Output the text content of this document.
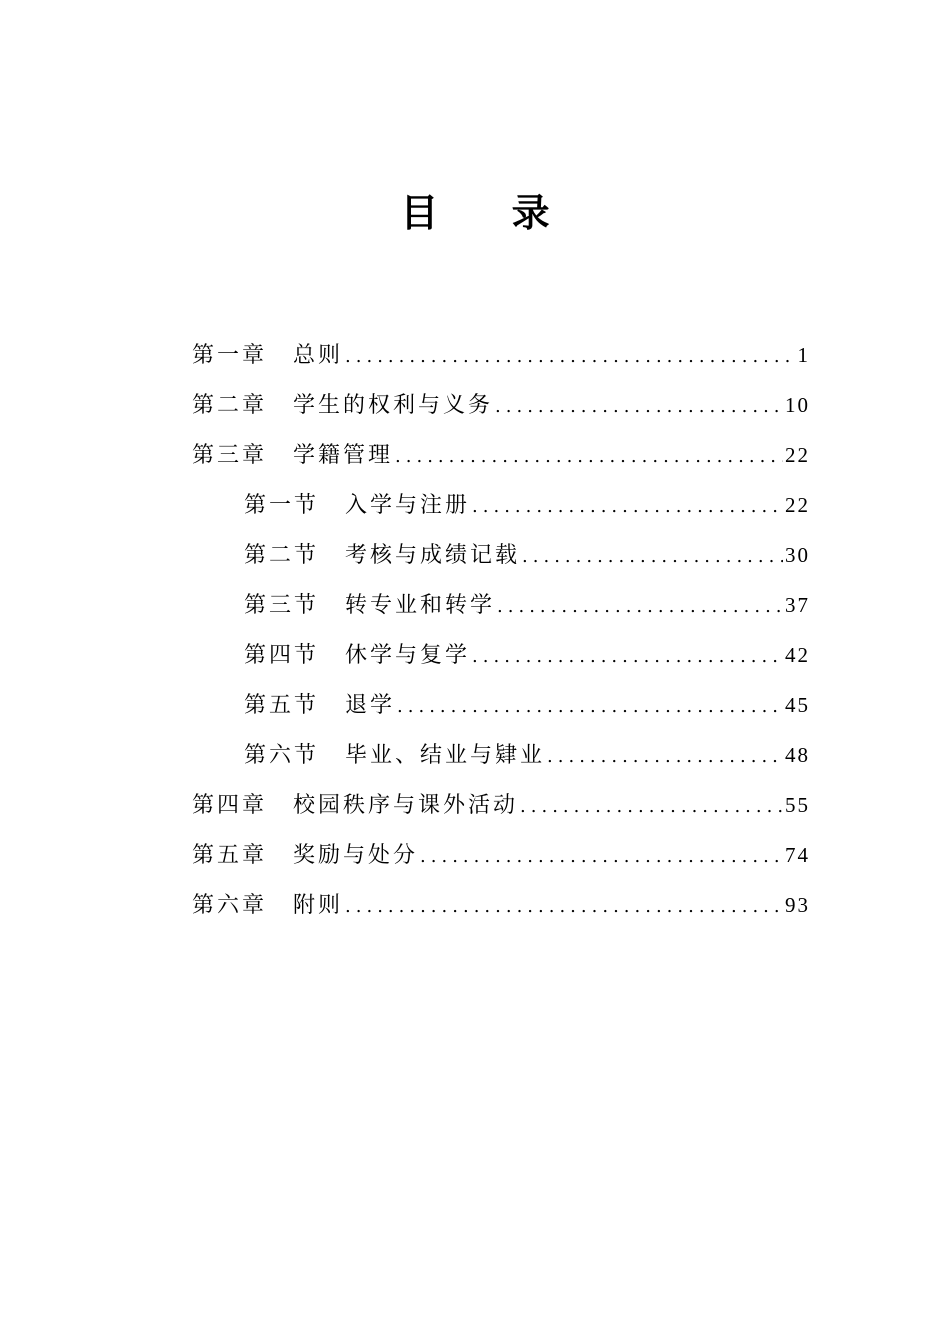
目 录
第一章 总则 .....	1
第二章 学生的权利与义务 .....	10
第三章 学籍管理 .....	22
第一节 入学与注册 .....	22
第二节 考核与成绩记载 .....	30
第三节 转专业和转学 .....	37
第四节 休学与复学 .....	42
第五节 退学 .....	45
第六节 毕业、结业与肄业 .....	48
第四章 校园秩序与课外活动 .....	55
第五章 奖励与处分 .....	74
第六章 附则 .....	93
